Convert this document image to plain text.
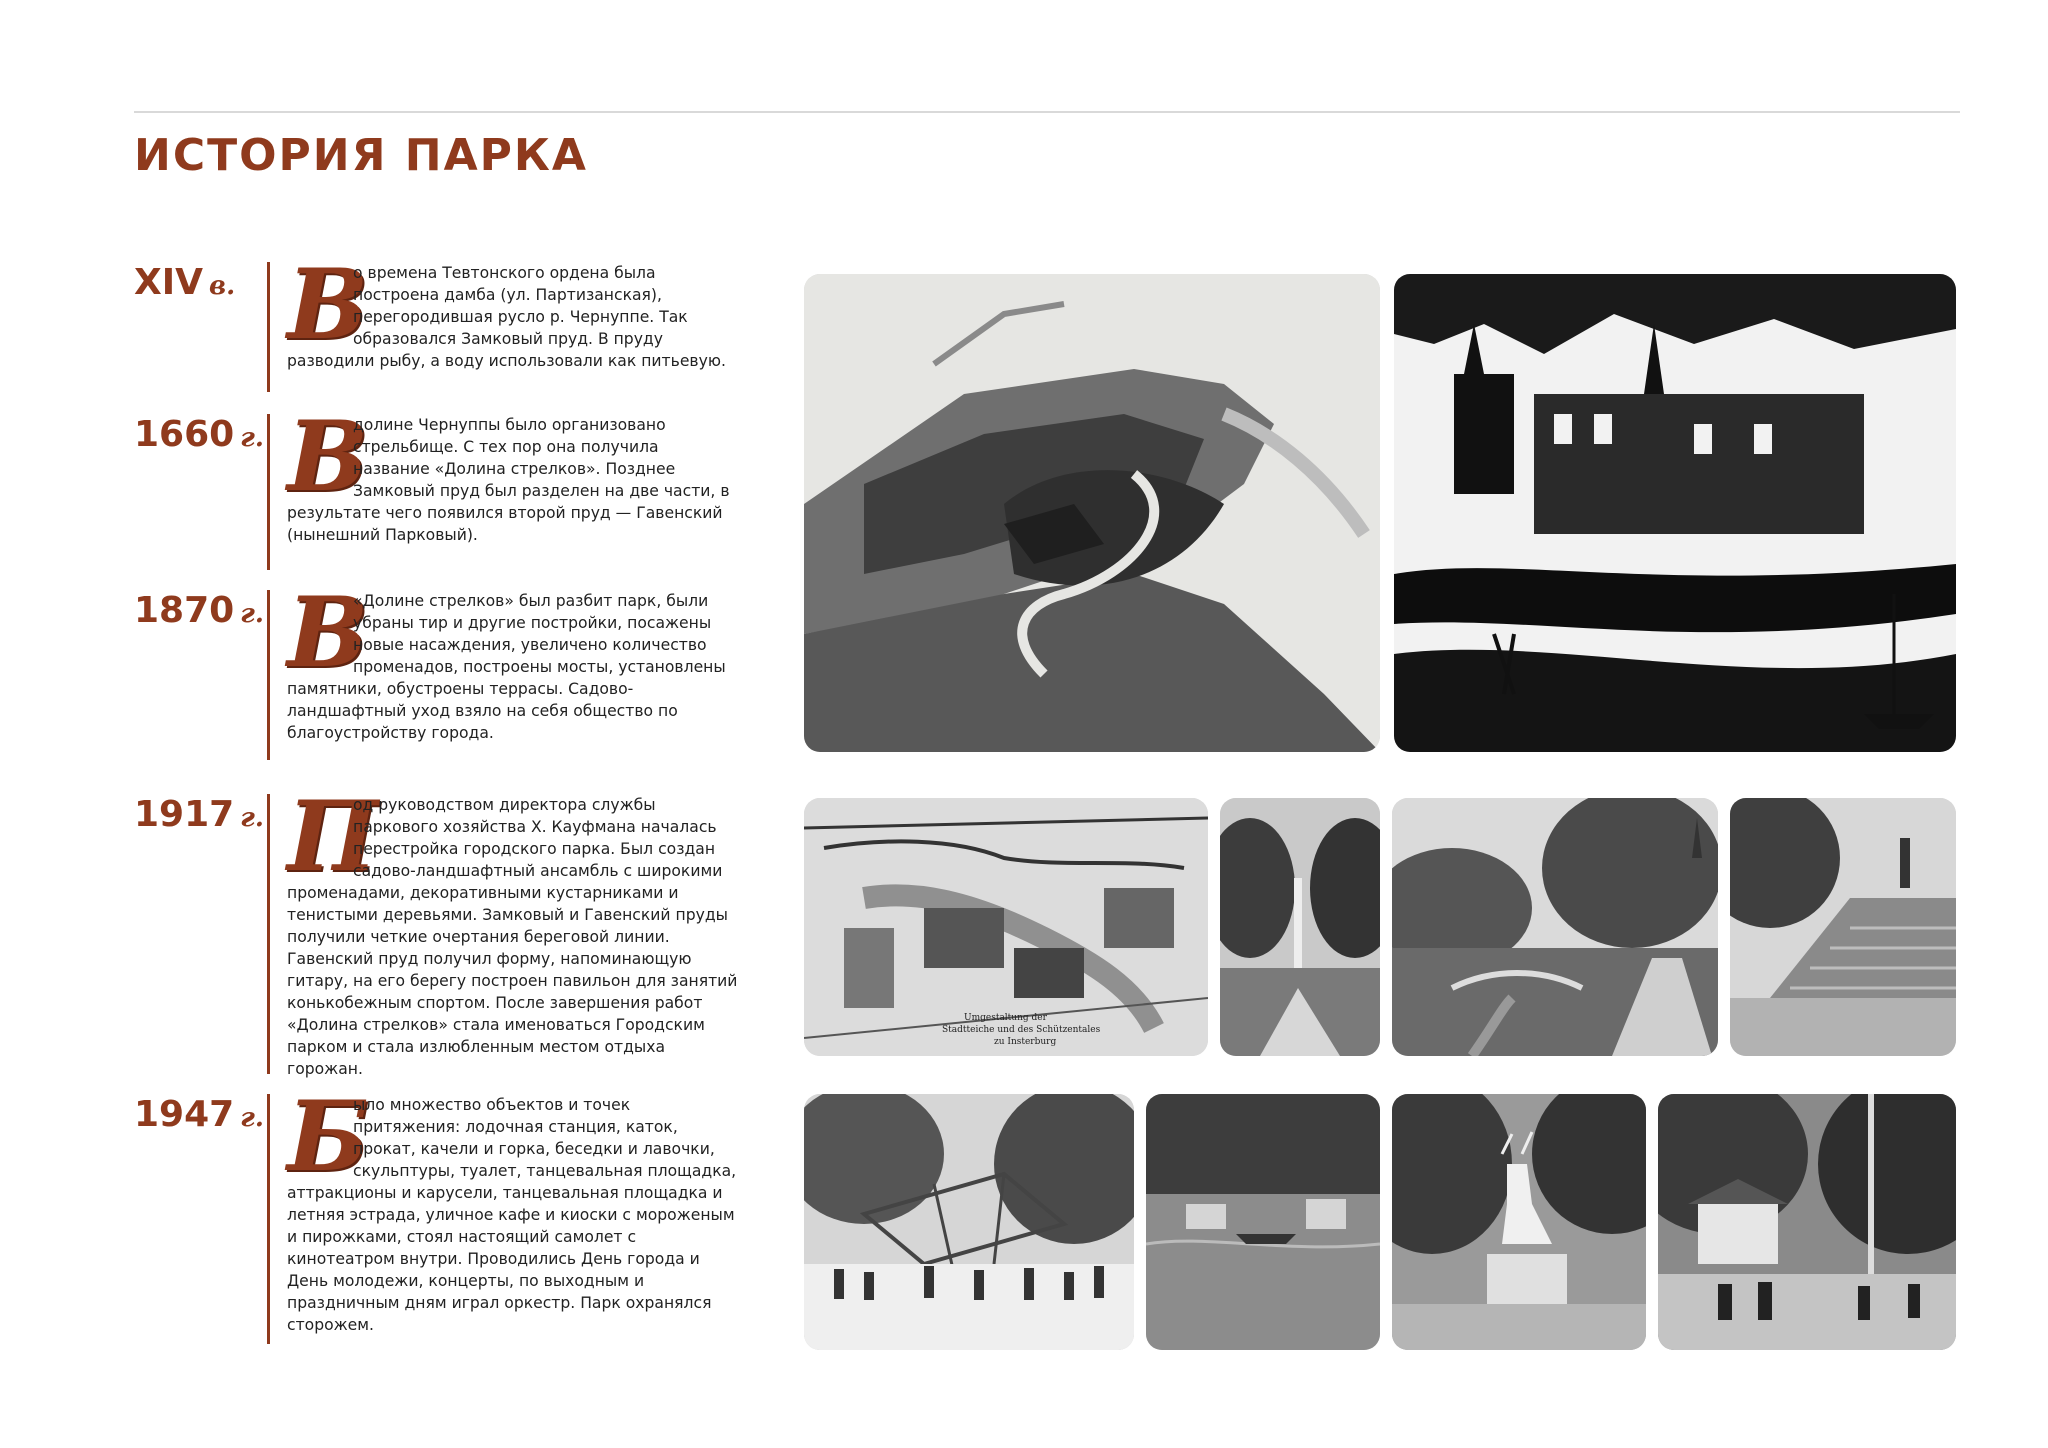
ИСТОРИЯ ПАРКА
XIV в. В
о времена Тевтонского ордена была построена дамба (ул. Партизанская), перегородившая русло р. Чернуппе. Так образовался Замковый пруд. В пруду разводили рыбу, а воду использовали как питьевую.
1660 г. В
долине Чернуппы было организовано стрельбище. С тех пор она получила название «Долина стрелков». Позднее Замковый пруд был разделен на две части, в результате чего появился второй пруд — Гавенский (нынешний Парковый).
1870 г. В
«Долине стрелков» был разбит парк, были убраны тир и другие постройки, посажены новые насаждения, увеличено количество променадов, построены мосты, установлены памятники, обустроены террасы. Садово-ландшафтный уход взяло на себя общество по благоустройству города.
1917 г. П
од руководством директора службы паркового хозяйства Х. Кауфмана началась перестройка городского парка. Был создан садово-ландшафтный ансамбль с широкими променадами, декоративными кустарниками и тенистыми деревьями. Замковый и Гавенский пруды получили четкие очертания береговой линии. Гавенский пруд получил форму, напоминающую гитару, на его берегу построен павильон для занятий конькобежным спортом. После завершения работ «Долина стрелков» стала именоваться Городским парком и стала излюбленным местом отдыха горожан.
1947 г. Б
ыло множество объектов и точек притяжения: лодочная станция, каток, прокат, качели и горка, беседки и лавочки, скульптуры, туалет, танцевальная площадка, аттракционы и карусели, танцевальная площадка и летняя эстрада, уличное кафе и киоски с мороженым и пирожками, стоял настоящий самолет с кинотеатром внутри. Проводились День города и День молодежи, концерты, по выходным и праздничным дням играл оркестр. Парк охранялся сторожем.
Umgestaltung der
Stadtteiche und des Schützentales
zu Insterburg
